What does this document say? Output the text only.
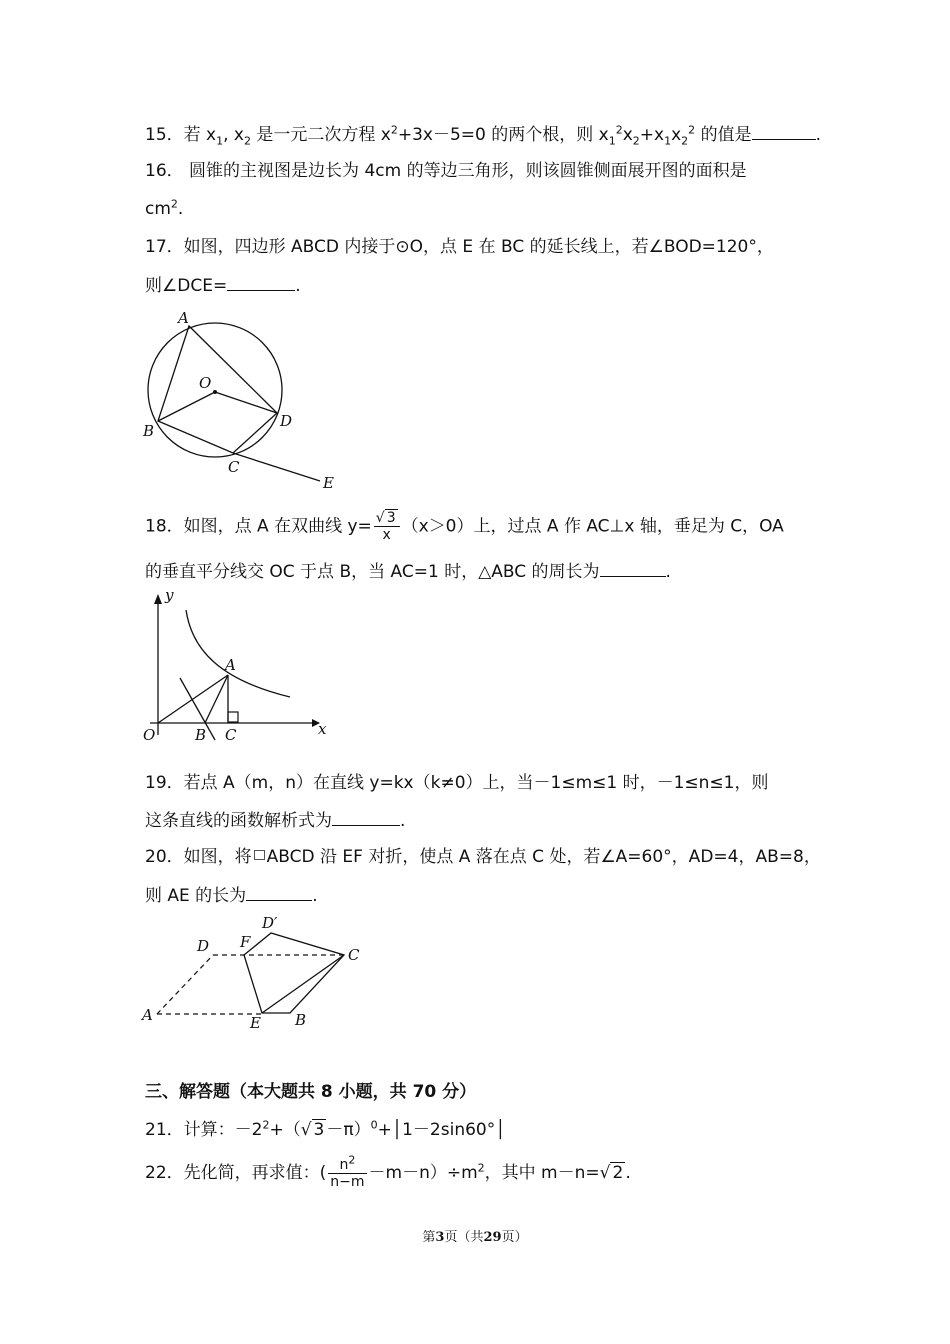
15．若 $x_1$, $x_2$ 是一元二次方程 $x^2+3x-5=0$ 的两个根，则 $x_1^2x_2+x_1x_2^2$ 的值是	.
16． 圆锥的主视图是边长为 4cm 的等边三角形，则该圆锥侧面展开图的面积是
$cm^2$.
17．如图，四边形 ABCD 内接于⊙O，点 E 在 BC 的延长线上，若∠BOD=120°，
则∠DCE=	.
A
O
B
C
D
E
18．如图，点 A 在双曲线 $y= \frac{√ 3}{x} (x>0)$上，过点 A 作 AC⊥x 轴，垂足为 C，OA
的垂直平分线交 OC 于点 B，当 AC=1 时，△ABC 的周长为	.
y
x
O
A
B C
19．若点 A（m，n）在直线 y=kx（k≠0）上，当－1≤m≤1 时，－1≤n≤1，则
这条直线的函数解析式为	.
20．如图，将 ABCD 沿 EF 对折，使点 A 落在点 C 处，若∠A=60°，AD=4，AB=8，
则 AE 的长为	.
D
D′
F
C
A	E B
三、解答题（本大题共 8 小题，共 70 分）
21．计算：$-2^2+(√$ 3 －π）$^0$+│1－2sin60°│
22．先化简，再求值：( $\frac{n^2}{n-m} -m-n)\div m^2$，其中 m－n=√ 2 .
第3页（共29页）
